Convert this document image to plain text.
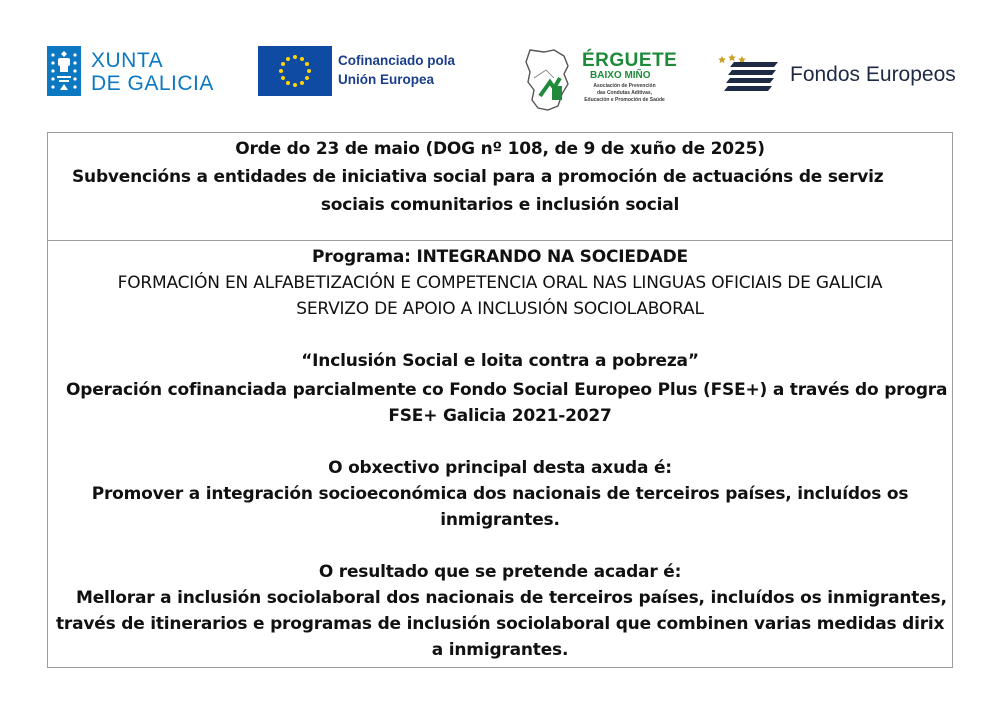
XUNTA
DE GALICIA
Cofinanciado pola
Unión Europea
ÉRGUETE
BAIXO MIÑO
Asociación de Prevención
das Condutas Aditivas,
Educación e Promoción de Saúde
Fondos Europeos
Orde do 23 de maio (DOG nº 108, de 9 de xuño de 2025)
Subvencións a entidades de iniciativa social para a promoción de actuacións de serviz
sociais comunitarios e inclusión social
Programa: INTEGRANDO NA SOCIEDADE
FORMACIÓN EN ALFABETIZACIÓN E COMPETENCIA ORAL NAS LINGUAS OFICIAIS DE GALICIA
SERVIZO DE APOIO A INCLUSIÓN SOCIOLABORAL
“Inclusión Social e loita contra a pobreza”
Operación cofinanciada parcialmente co Fondo Social Europeo Plus (FSE+) a través do progra
FSE+ Galicia 2021-2027
O obxectivo principal desta axuda é:
Promover a integración socioeconómica dos nacionais de terceiros países, incluídos os
inmigrantes.
O resultado que se pretende acadar é:
Mellorar a inclusión sociolaboral dos nacionais de terceiros países, incluídos os inmigrantes,
través de itinerarios e programas de inclusión sociolaboral que combinen varias medidas dirix
a inmigrantes.
